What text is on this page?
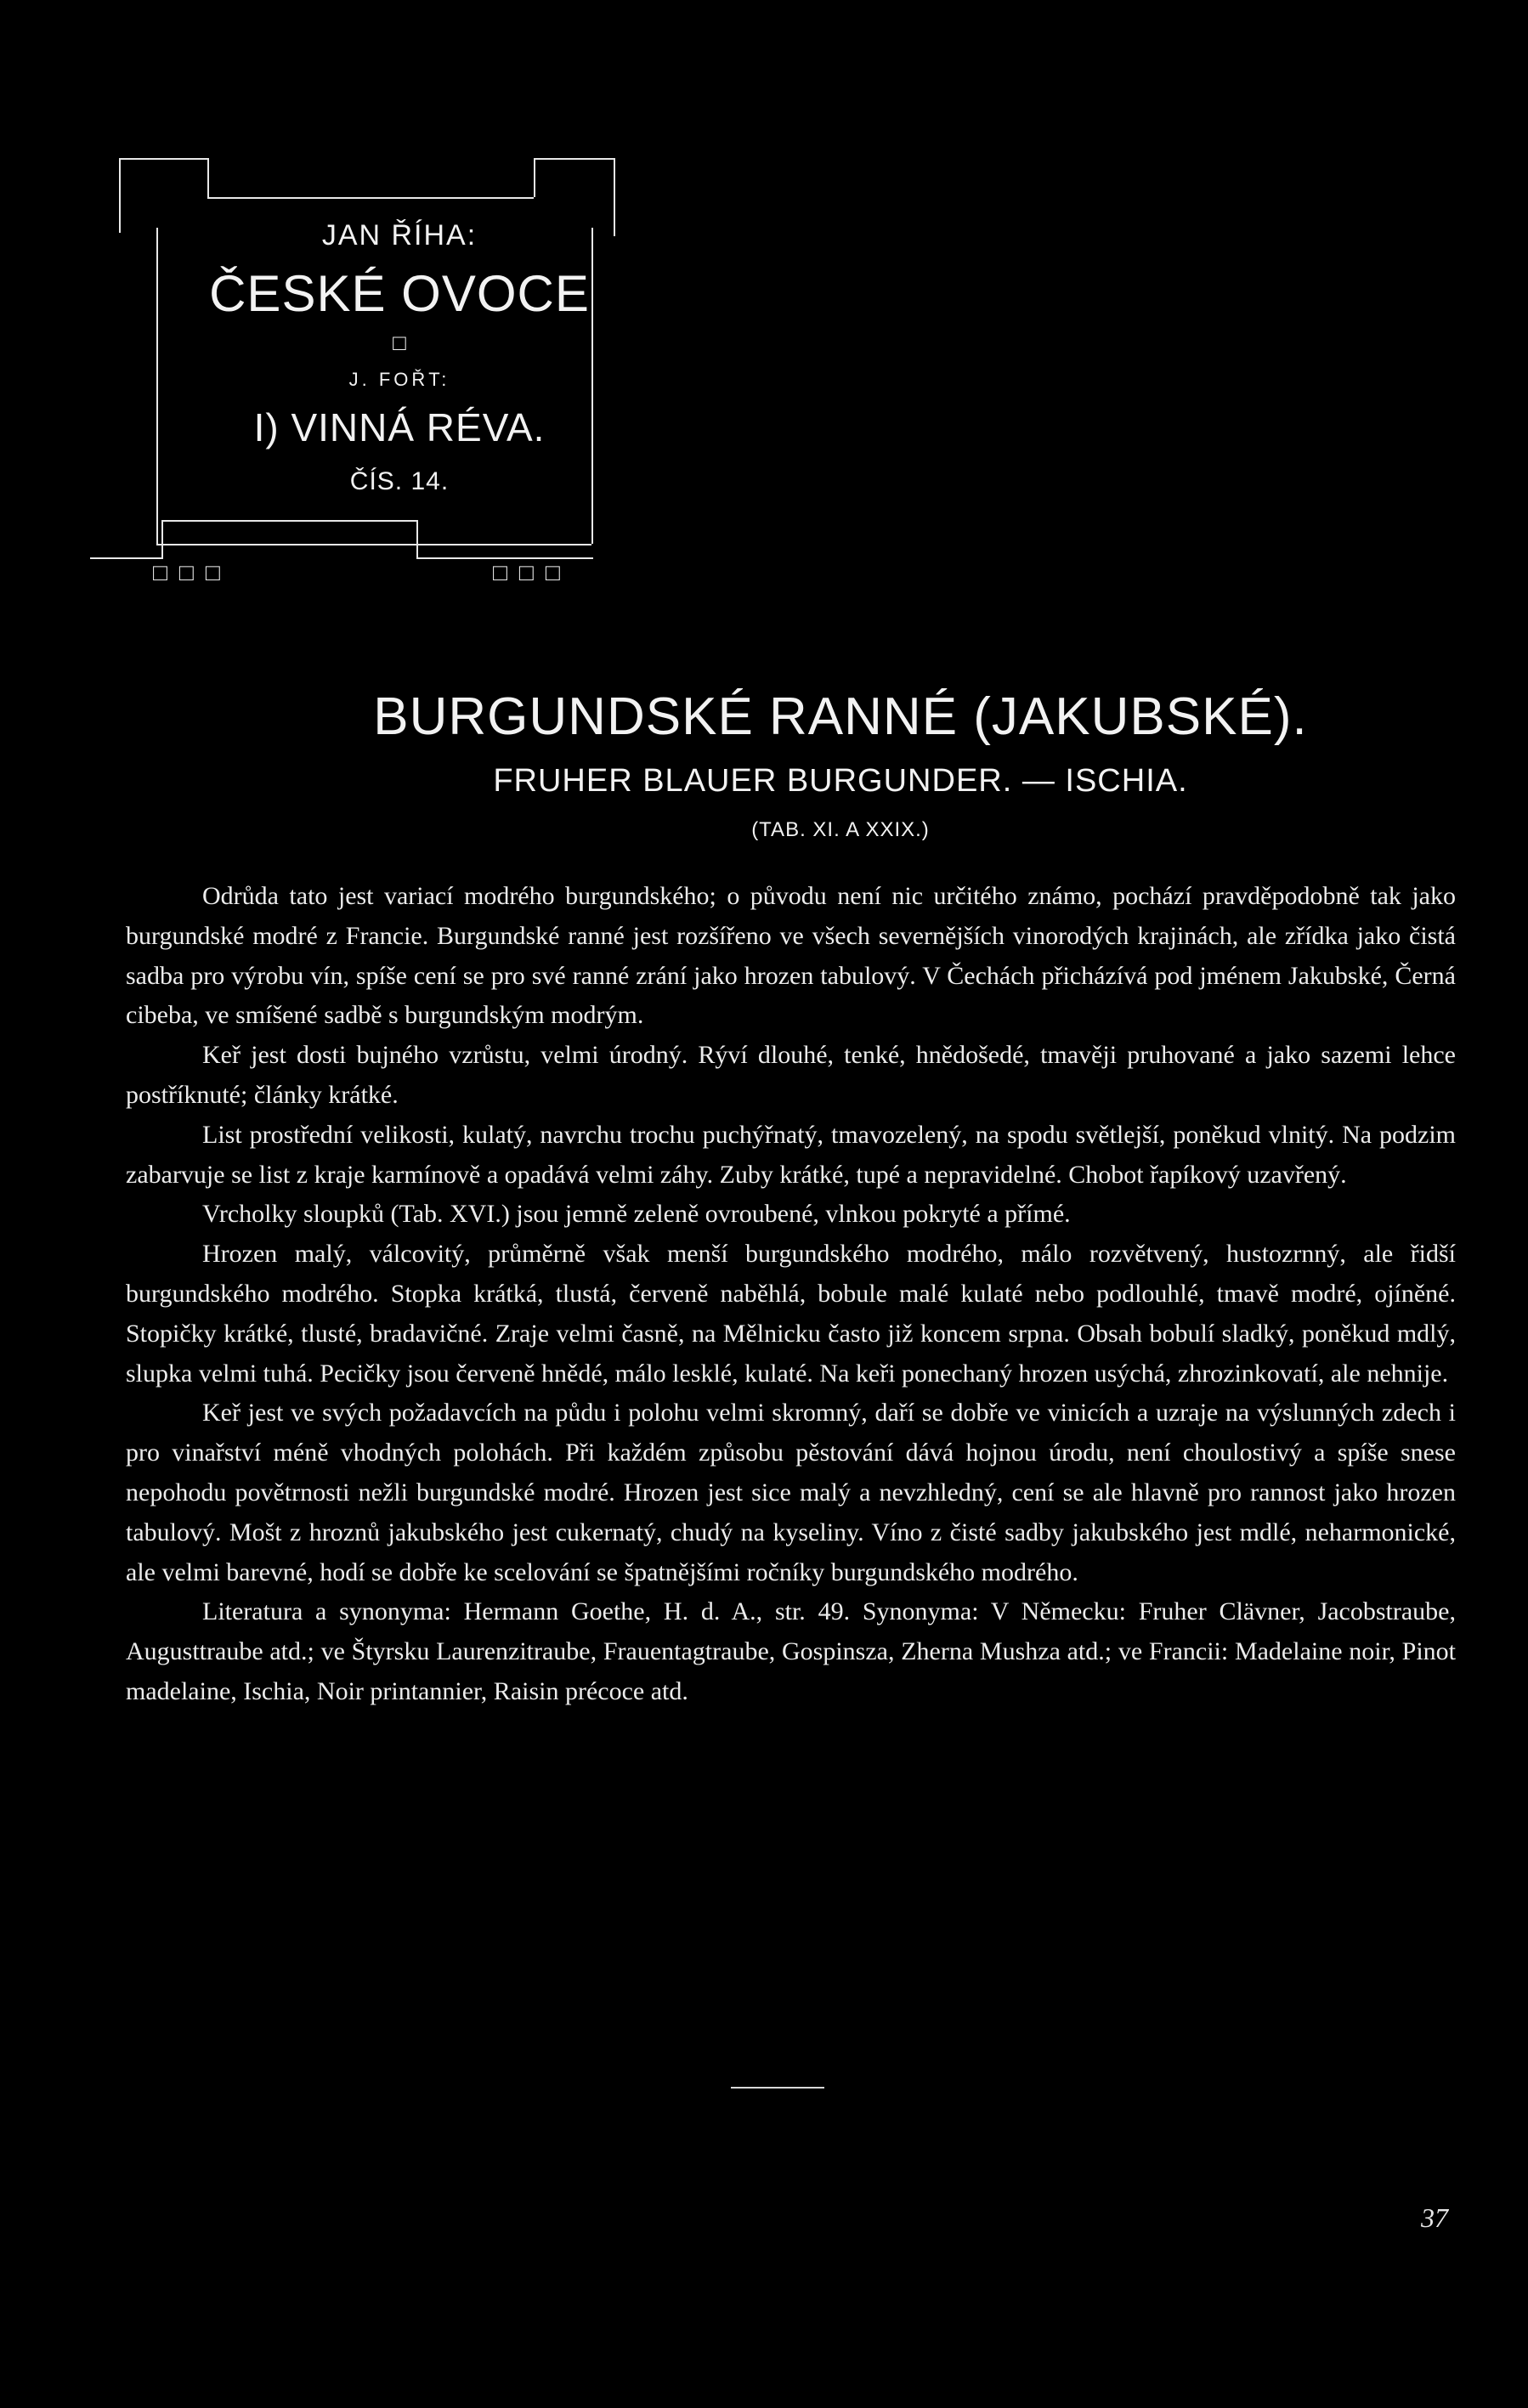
JAN ŘÍHA:
ČESKÉ OVOCE
□
J. FOŘT:
I) VINNÁ RÉVA.
ČÍS. 14.
□□□	□□□
BURGUNDSKÉ RANNÉ (JAKUBSKÉ).
FRUHER BLAUER BURGUNDER. — ISCHIA.
(TAB. XI. A XXIX.)

Odrůda tato jest variací modrého burgundského; o původu není nic určitého známo, pochází pravděpodobně tak jako burgundské modré z Francie. Burgundské ranné jest rozšířeno ve všech severnějších vinorodých krajinách, ale zřídka jako čistá sadba pro výrobu vín, spíše cení se pro své ranné zrání jako hrozen tabulový. V Čechách přicházívá pod jménem Jakubské, Černá cibeba, ve smíšené sadbě s burgundským modrým.

Keř jest dosti bujného vzrůstu, velmi úrodný. Rýví dlouhé, tenké, hnědošedé, tmavěji pruhované a jako sazemi lehce postříknuté; články krátké.

List prostřední velikosti, kulatý, navrchu trochu puchýřnatý, tmavozelený, na spodu světlejší, poněkud vlnitý. Na podzim zabarvuje se list z kraje karmínově a opadává velmi záhy. Zuby krátké, tupé a nepravidelné. Chobot řapíkový uzavřený.

Vrcholky sloupků (Tab. XVI.) jsou jemně zeleně ovroubené, vlnkou pokryté a přímé.

Hrozen malý, válcovitý, průměrně však menší burgundského modrého, málo rozvětvený, hustozrnný, ale řidší burgundského modrého. Stopka krátká, tlustá, červeně naběhlá, bobule malé kulaté nebo podlouhlé, tmavě modré, ojíněné. Stopičky krátké, tlusté, bradavičné. Zraje velmi časně, na Mělnicku často již koncem srpna. Obsah bobulí sladký, poněkud mdlý, slupka velmi tuhá. Pecičky jsou červeně hnědé, málo lesklé, kulaté. Na keři ponechaný hrozen usýchá, zhrozinkovatí, ale nehnije.

Keř jest ve svých požadavcích na půdu i polohu velmi skromný, daří se dobře ve vinicích a uzraje na výslunných zdech i pro vinařství méně vhodných polohách. Při každém způsobu pěstování dává hojnou úrodu, není choulostivý a spíše snese nepohodu povětrnosti nežli burgundské modré. Hrozen jest sice malý a nevzhledný, cení se ale hlavně pro rannost jako hrozen tabulový. Mošt z hroznů jakubského jest cukernatý, chudý na kyseliny. Víno z čisté sadby jakubského jest mdlé, neharmonické, ale velmi barevné, hodí se dobře ke scelování se špatnějšími ročníky burgundského modrého.

Literatura a synonyma: Hermann Goethe, H. d. A., str. 49. Synonyma: V Německu: Fruher Clävner, Jacobstraube, Augusttraube atd.; ve Štyrsku Laurenzitraube, Frauentagtraube, Gospinsza, Zherna Mushza atd.; ve Francii: Madelaine noir, Pinot madelaine, Ischia, Noir printannier, Raisin précoce atd.

37
